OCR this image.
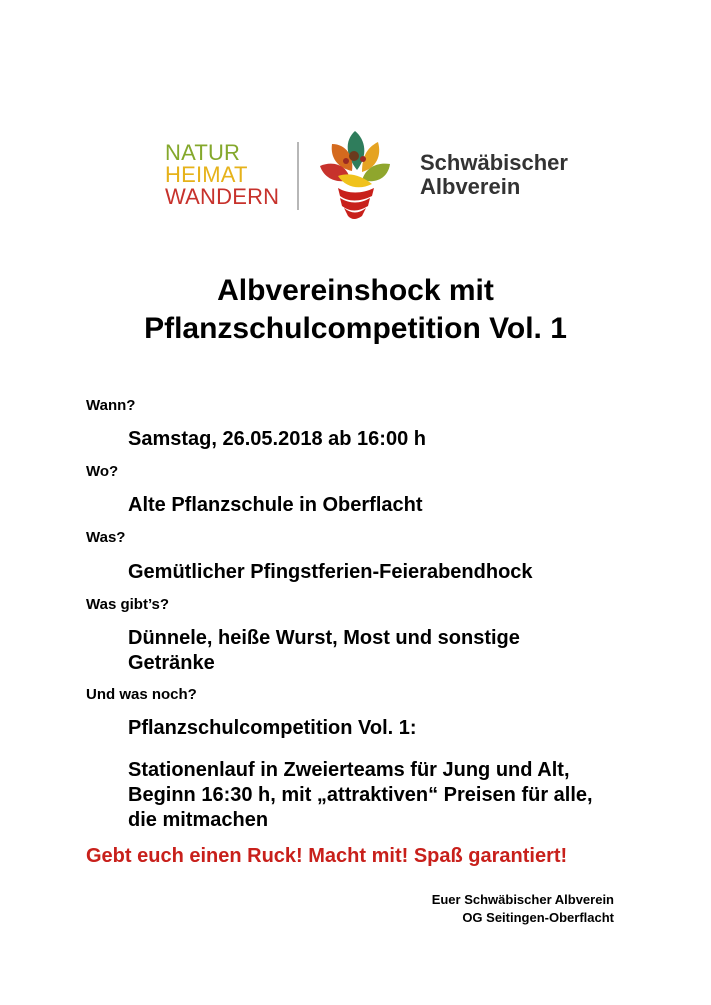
NATUR
HEIMAT
WANDERN
Schwäbischer
Albverein
Albvereinshock mit
Pflanzschulcompetition Vol. 1
Wann?
Samstag, 26.05.2018 ab 16:00 h
Wo?
Alte Pflanzschule in Oberflacht
Was?
Gemütlicher Pfingstferien-Feierabendhock
Was gibt’s?
Dünnele, heiße Wurst, Most und sonstige
Getränke
Und was noch?
Pflanzschulcompetition Vol. 1:
Stationenlauf in Zweierteams für Jung und Alt,
Beginn 16:30 h, mit „attraktiven“ Preisen für alle,
die mitmachen
Gebt euch einen Ruck! Macht mit! Spaß garantiert!
Euer Schwäbischer Albverein
OG Seitingen-Oberflacht
